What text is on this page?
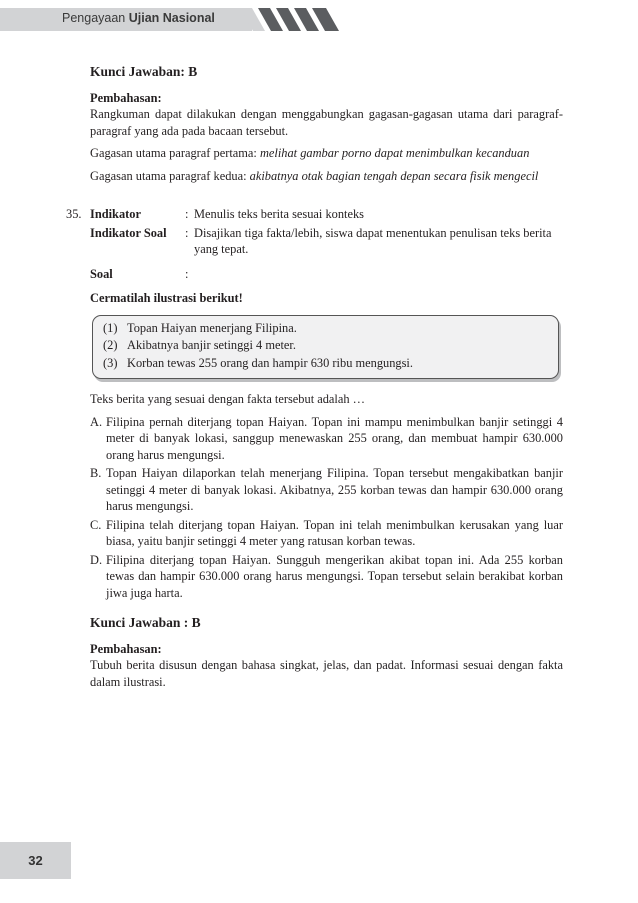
Pengayaan Ujian Nasional
Kunci Jawaban: B
Pembahasan:
Rangkuman dapat dilakukan dengan menggabungkan gagasan-gagasan utama dari paragraf-paragraf yang ada pada bacaan tersebut.
Gagasan utama paragraf pertama: melihat gambar porno dapat menimbulkan kecanduan
Gagasan utama paragraf kedua: akibatnya otak bagian tengah depan secara fisik mengecil
35. Indikator	: Menulis teks berita sesuai konteks
Indikator Soal	: Disajikan tiga fakta/lebih, siswa dapat menentukan penulisan teks berita yang tepat.
Soal	:
Cermatilah ilustrasi berikut!
(1) Topan Haiyan menerjang Filipina.
(2) Akibatnya banjir setinggi 4 meter.
(3) Korban tewas 255 orang dan hampir 630 ribu mengungsi.
Teks berita yang sesuai dengan fakta tersebut adalah …
A. Filipina pernah diterjang topan Haiyan. Topan ini mampu menimbulkan banjir setinggi 4 meter di banyak lokasi, sanggup menewaskan 255 orang, dan membuat hampir 630.000 orang harus mengungsi.
B. Topan Haiyan dilaporkan telah menerjang Filipina. Topan tersebut mengakibatkan banjir setinggi 4 meter di banyak lokasi. Akibatnya, 255 korban tewas dan hampir 630.000 orang harus mengungsi.
C. Filipina telah diterjang topan Haiyan. Topan ini telah menimbulkan kerusakan yang luar biasa, yaitu banjir setinggi 4 meter yang ratusan korban tewas.
D. Filipina diterjang topan Haiyan. Sungguh mengerikan akibat topan ini. Ada 255 korban tewas dan hampir 630.000 orang harus mengungsi. Topan tersebut selain berakibat korban jiwa juga harta.
Kunci Jawaban : B
Pembahasan:
Tubuh berita disusun dengan bahasa singkat, jelas, dan padat. Informasi sesuai dengan fakta dalam ilustrasi.
32
